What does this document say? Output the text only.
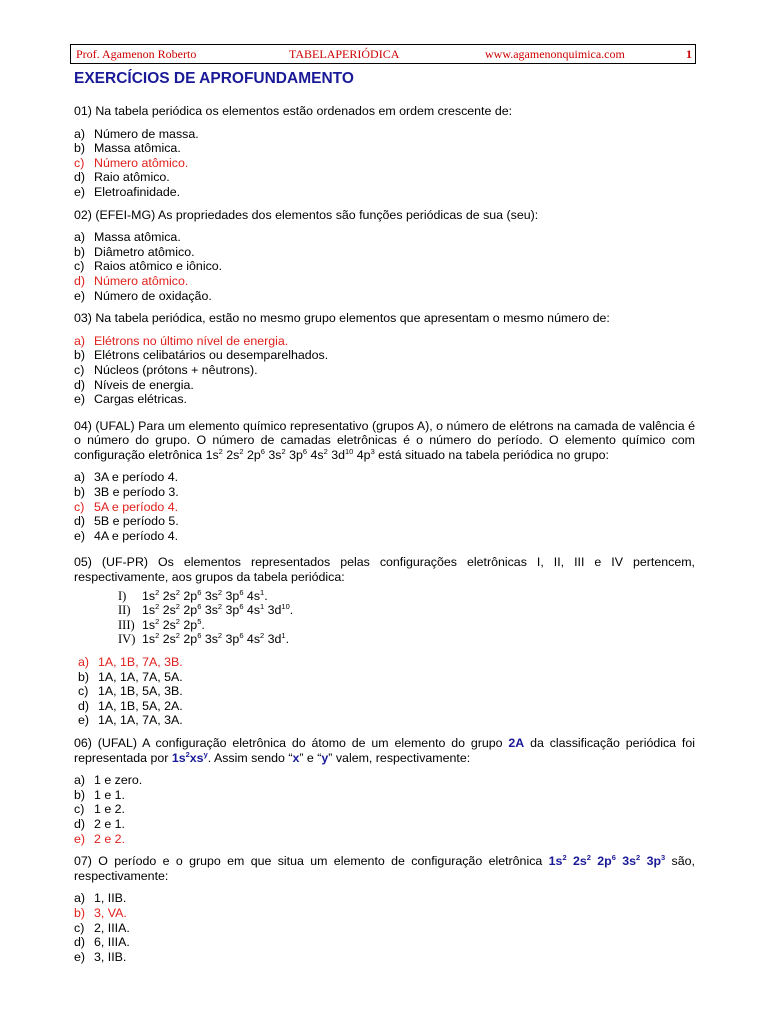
Prof. Agamenon Roberto	TABELAPERIÓDICA	www.agamenonquimica.com	1
EXERCÍCIOS DE APROFUNDAMENTO

01) Na tabela periódica os elementos estão ordenados em ordem crescente de:

a) Número de massa.
b) Massa atômica.
c) Número atômico.
d) Raio atômico.
e) Eletroafinidade.

02) (EFEI-MG) As propriedades dos elementos são funções periódicas de sua (seu):

a) Massa atômica.
b) Diâmetro atômico.
c) Raios atômico e iônico.
d) Número atômico.
e) Número de oxidação.

03) Na tabela periódica, estão no mesmo grupo elementos que apresentam o mesmo número de:

a) Elétrons no último nível de energia.
b) Elétrons celibatários ou desemparelhados.
c) Núcleos (prótons + nêutrons).
d) Níveis de energia.
e) Cargas elétricas.

04) (UFAL) Para um elemento químico representativo (grupos A), o número de elétrons na camada de valência é o número do grupo. O número de camadas eletrônicas é o número do período. O elemento químico com configuração eletrônica $1s^2$ $2s^2$ $2p^6$ $3s^2$ $3p^6$ $4s^2$ $3d^{10}$ $4p^3$ está situado na tabela periódica no grupo:

a) 3A e período 4.
b) 3B e período 3.
c) 5A e período 4.
d) 5B e período 5.
e) 4A e período 4.

05) (UF-PR) Os elementos representados pelas configurações eletrônicas I, II, III e IV pertencem, respectivamente, aos grupos da tabela periódica:

I) $1s^2$ $2s^2$ $2p^6$ $3s^2$ $3p^6$ $4s^1$.
II) $1s^2$ $2s^2$ $2p^6$ $3s^2$ $3p^6$ $4s^1$ $3d^{10}$.
III) $1s^2$ $2s^2$ $2p^5$.
IV) $1s^2$ $2s^2$ $2p^6$ $3s^2$ $3p^6$ $4s^2$ $3d^1$.
a) 1A, 1B, 7A, 3B.
b) 1A, 1A, 7A, 5A.
c) 1A, 1B, 5A, 3B.
d) 1A, 1B, 5A, 2A.
e) 1A, 1A, 7A, 3A.

06) (UFAL) A configuração eletrônica do átomo de um elemento do grupo 2A da classificação periódica foi representada por $1s^2xs^y$. Assim sendo “x” e “y” valem, respectivamente:

a) 1 e zero.
b) 1 e 1.
c) 1 e 2.
d) 2 e 1.
e) 2 e 2.

07) O período e o grupo em que situa um elemento de configuração eletrônica $1s^2$ $2s^2$ $2p^6$ $3s^2$ $3p^3$ são, respectivamente:

a) 1, IIB.
b) 3, VA.
c) 2, IIIA.
d) 6, IIIA.
e) 3, IIB.
